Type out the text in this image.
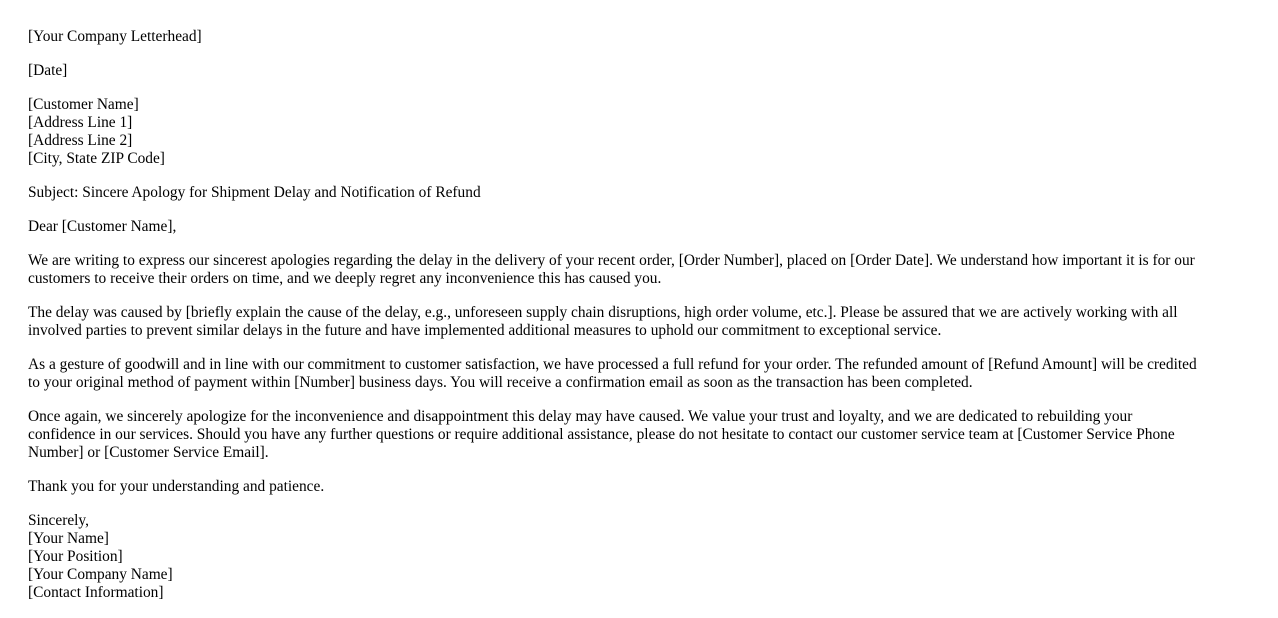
[Your Company Letterhead]
[Date]
[Customer Name]
[Address Line 1]
[Address Line 2]
[City, State ZIP Code]
Subject: Sincere Apology for Shipment Delay and Notification of Refund
Dear [Customer Name],
We are writing to express our sincerest apologies regarding the delay in the delivery of your recent order, [Order Number], placed on [Order Date]. We understand how important it is for our
customers to receive their orders on time, and we deeply regret any inconvenience this has caused you.
The delay was caused by [briefly explain the cause of the delay, e.g., unforeseen supply chain disruptions, high order volume, etc.]. Please be assured that we are actively working with all
involved parties to prevent similar delays in the future and have implemented additional measures to uphold our commitment to exceptional service.
As a gesture of goodwill and in line with our commitment to customer satisfaction, we have processed a full refund for your order. The refunded amount of [Refund Amount] will be credited
to your original method of payment within [Number] business days. You will receive a confirmation email as soon as the transaction has been completed.
Once again, we sincerely apologize for the inconvenience and disappointment this delay may have caused. We value your trust and loyalty, and we are dedicated to rebuilding your
confidence in our services. Should you have any further questions or require additional assistance, please do not hesitate to contact our customer service team at [Customer Service Phone
Number] or [Customer Service Email].
Thank you for your understanding and patience.
Sincerely,
[Your Name]
[Your Position]
[Your Company Name]
[Contact Information]
